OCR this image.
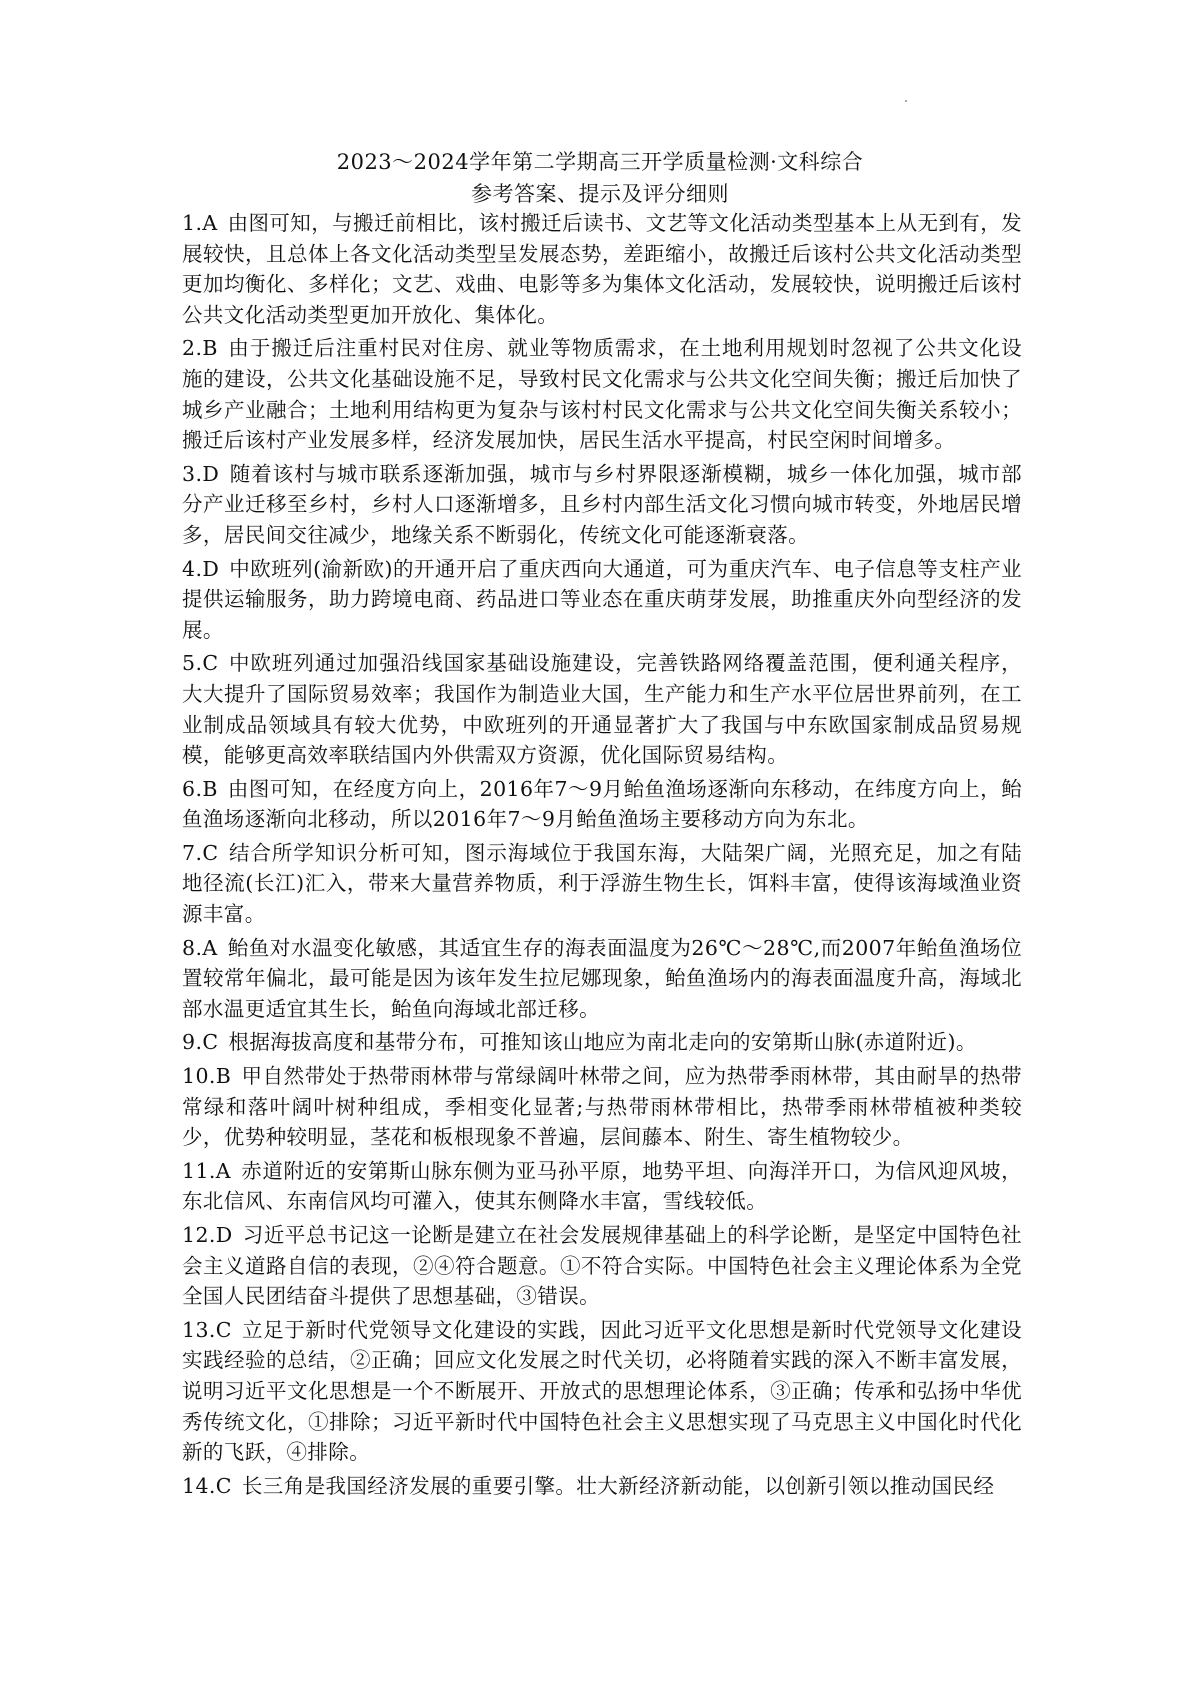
2023～2024学年第二学期高三开学质量检测·文科综合
参考答案、提示及评分细则

1.A 由图可知，与搬迁前相比，该村搬迁后读书、文艺等文化活动类型基本上从无到有，发展较快，且总体上各文化活动类型呈发展态势，差距缩小，故搬迁后该村公共文化活动类型更加均衡化、多样化；文艺、戏曲、电影等多为集体文化活动，发展较快，说明搬迁后该村公共文化活动类型更加开放化、集体化。

2.B 由于搬迁后注重村民对住房、就业等物质需求，在土地利用规划时忽视了公共文化设施的建设，公共文化基础设施不足，导致村民文化需求与公共文化空间失衡；搬迁后加快了城乡产业融合；土地利用结构更为复杂与该村村民文化需求与公共文化空间失衡关系较小；搬迁后该村产业发展多样，经济发展加快，居民生活水平提高，村民空闲时间增多。

3.D 随着该村与城市联系逐渐加强，城市与乡村界限逐渐模糊，城乡一体化加强，城市部分产业迁移至乡村，乡村人口逐渐增多，且乡村内部生活文化习惯向城市转变，外地居民增多，居民间交往减少，地缘关系不断弱化，传统文化可能逐渐衰落。

4.D 中欧班列(渝新欧)的开通开启了重庆西向大通道，可为重庆汽车、电子信息等支柱产业提供运输服务，助力跨境电商、药品进口等业态在重庆萌芽发展，助推重庆外向型经济的发展。

5.C 中欧班列通过加强沿线国家基础设施建设，完善铁路网络覆盖范围，便利通关程序，大大提升了国际贸易效率；我国作为制造业大国，生产能力和生产水平位居世界前列，在工业制成品领域具有较大优势，中欧班列的开通显著扩大了我国与中东欧国家制成品贸易规模，能够更高效率联结国内外供需双方资源，优化国际贸易结构。

6.B 由图可知，在经度方向上，2016年7～9月鲐鱼渔场逐渐向东移动，在纬度方向上，鲐鱼渔场逐渐向北移动，所以2016年7～9月鲐鱼渔场主要移动方向为东北。

7.C 结合所学知识分析可知，图示海域位于我国东海，大陆架广阔，光照充足，加之有陆地径流(长江)汇入，带来大量营养物质，利于浮游生物生长，饵料丰富，使得该海域渔业资源丰富。

8.A 鲐鱼对水温变化敏感，其适宜生存的海表面温度为26℃～28℃,而2007年鲐鱼渔场位置较常年偏北，最可能是因为该年发生拉尼娜现象，鲐鱼渔场内的海表面温度升高，海域北部水温更适宜其生长，鲐鱼向海域北部迁移。

9.C 根据海拔高度和基带分布，可推知该山地应为南北走向的安第斯山脉(赤道附近)。

10.B 甲自然带处于热带雨林带与常绿阔叶林带之间，应为热带季雨林带，其由耐旱的热带常绿和落叶阔叶树种组成，季相变化显著;与热带雨林带相比，热带季雨林带植被种类较少，优势种较明显，茎花和板根现象不普遍，层间藤本、附生、寄生植物较少。

11.A 赤道附近的安第斯山脉东侧为亚马孙平原，地势平坦、向海洋开口，为信风迎风坡，东北信风、东南信风均可灌入，使其东侧降水丰富，雪线较低。

12.D 习近平总书记这一论断是建立在社会发展规律基础上的科学论断，是坚定中国特色社会主义道路自信的表现，②④符合题意。①不符合实际。中国特色社会主义理论体系为全党全国人民团结奋斗提供了思想基础，③错误。

13.C 立足于新时代党领导文化建设的实践，因此习近平文化思想是新时代党领导文化建设实践经验的总结，②正确；回应文化发展之时代关切，必将随着实践的深入不断丰富发展，说明习近平文化思想是一个不断展开、开放式的思想理论体系，③正确；传承和弘扬中华优秀传统文化，①排除；习近平新时代中国特色社会主义思想实现了马克思主义中国化时代化新的飞跃，④排除。

14.C 长三角是我国经济发展的重要引擎。壮大新经济新动能，以创新引领以推动国民经
